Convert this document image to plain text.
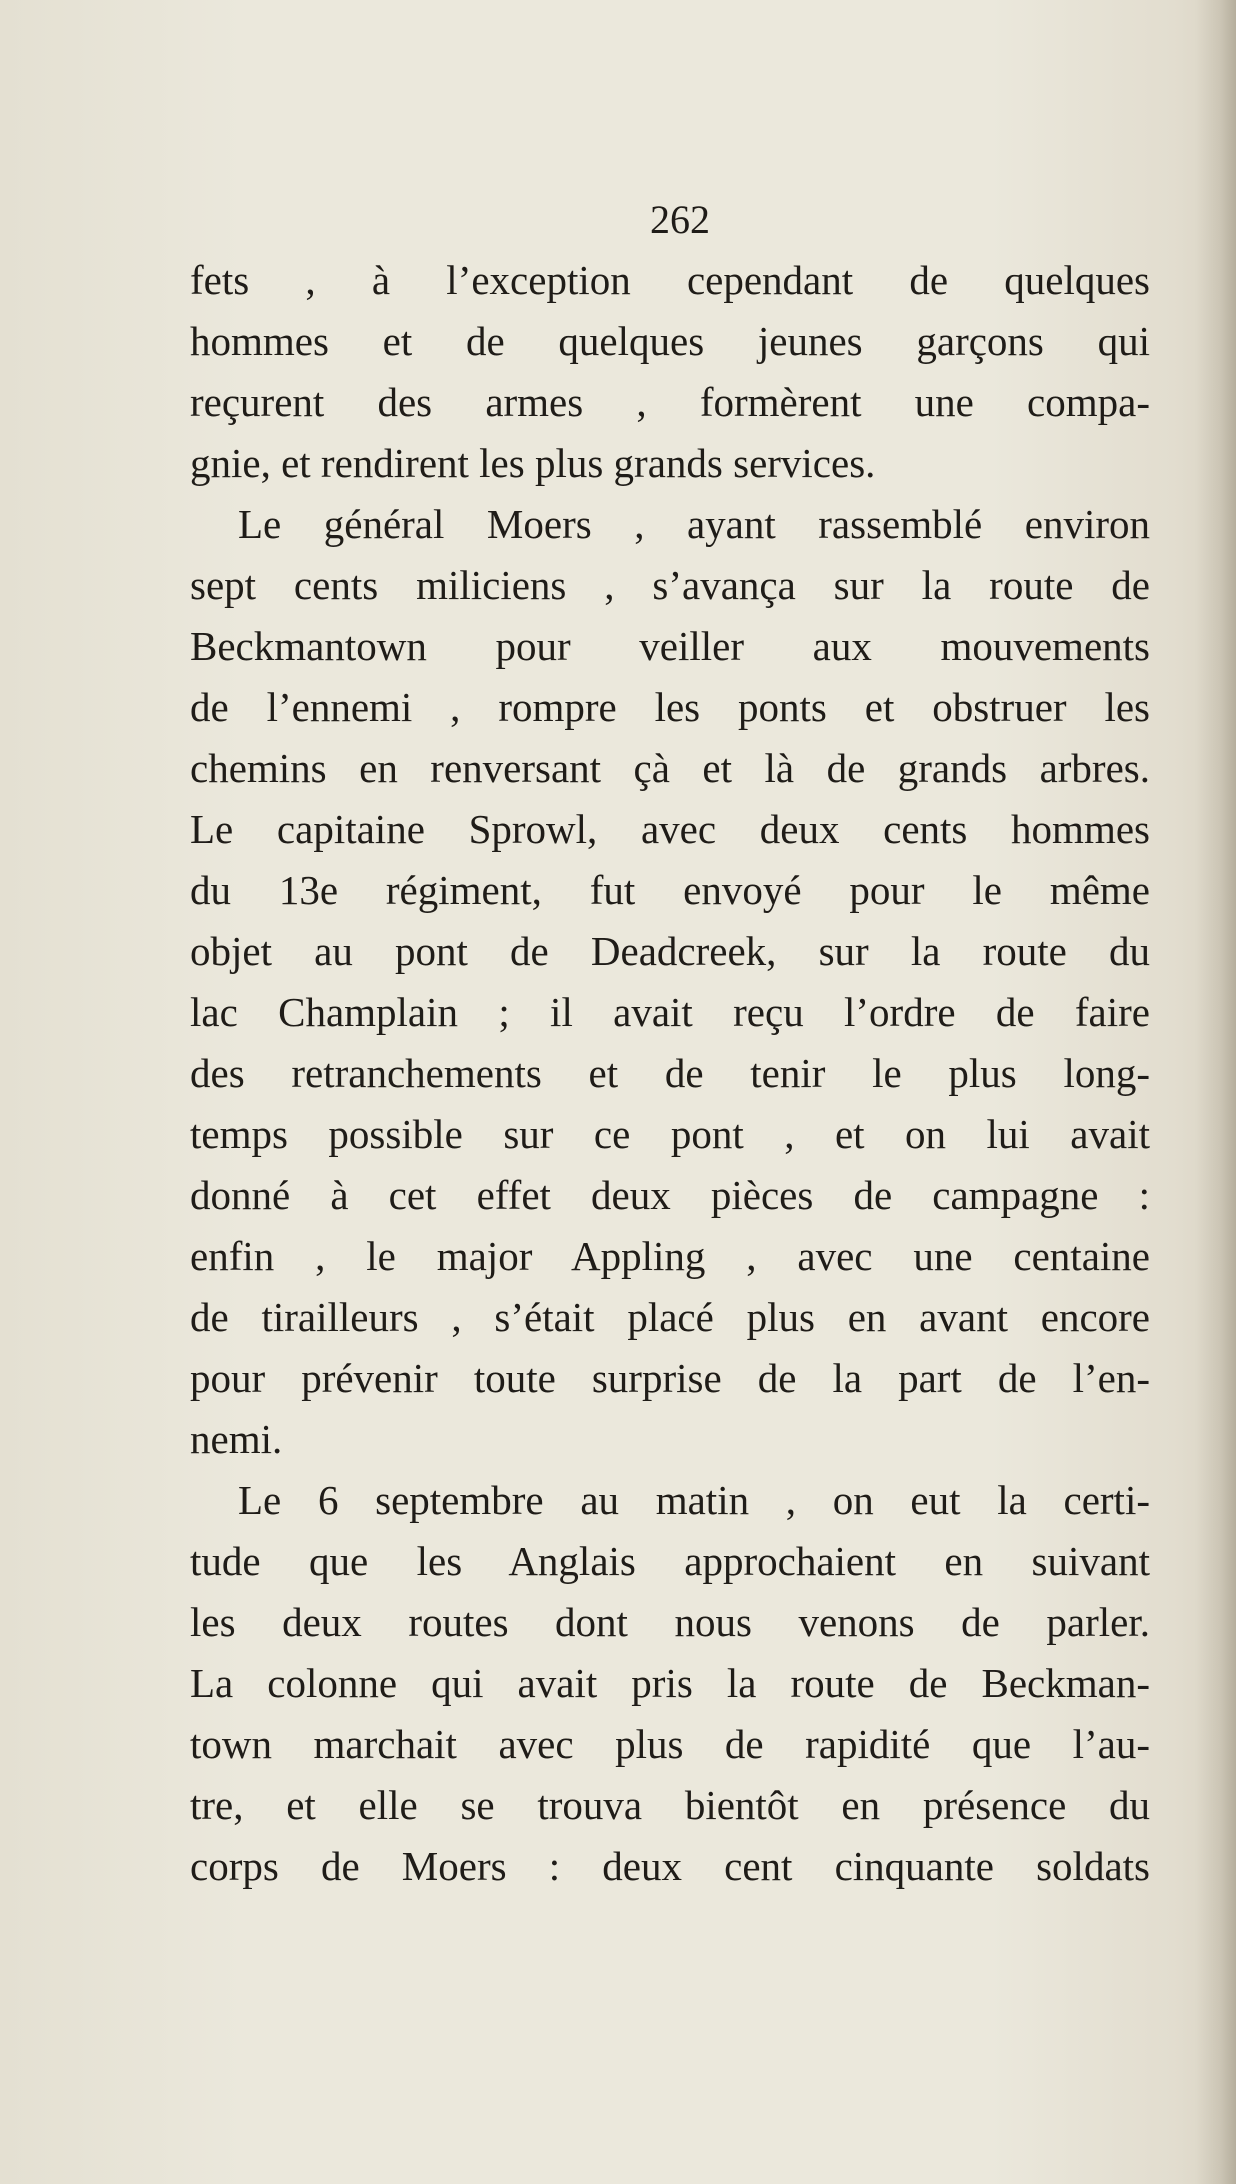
262
fets , à l’exception cependant de quelques
hommes et de quelques jeunes garçons qui
reçurent des armes , formèrent une compa-
gnie, et rendirent les plus grands services.
Le général Moers , ayant rassemblé environ
sept cents miliciens , s’avança sur la route de
Beckmantown pour veiller aux mouvements
de l’ennemi , rompre les ponts et obstruer les
chemins en renversant çà et là de grands arbres.
Le capitaine Sprowl, avec deux cents hommes
du 13e régiment, fut envoyé pour le même
objet au pont de Deadcreek, sur la route du
lac Champlain ; il avait reçu l’ordre de faire
des retranchements et de tenir le plus long-
temps possible sur ce pont , et on lui avait
donné à cet effet deux pièces de campagne :
enfin , le major Appling , avec une centaine
de tirailleurs , s’était placé plus en avant encore
pour prévenir toute surprise de la part de l’en-
nemi.
Le 6 septembre au matin , on eut la certi-
tude que les Anglais approchaient en suivant
les deux routes dont nous venons de parler.
La colonne qui avait pris la route de Beckman-
town marchait avec plus de rapidité que l’au-
tre, et elle se trouva bientôt en présence du
corps de Moers : deux cent cinquante soldats
